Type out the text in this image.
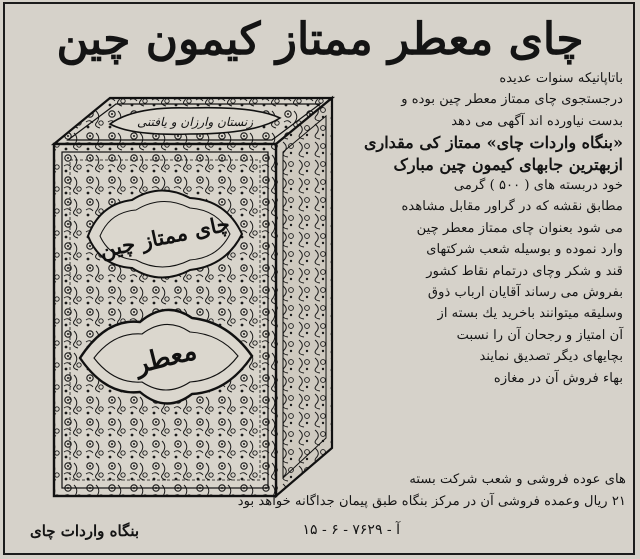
چای معطر ممتاز کیمون چین
زنستان وارزان و یافتنی
چای ممتاز چین
معطر

باتاپانیکه سنوات عدیده

درجستجوی چای ممتاز معطر چین بوده و

بدست نیاورده اند آگهی می دهد

«بنگاه واردات چای» ممتاز کی مقداری

ازبهترین جابهای کیمون چین مبارک

خود دربسته های ( ۵۰۰ ) گرمی

مطابق نقشه که در گراور مقابل مشاهده

می شود بعنوان چای ممتاز معطر چین

وارد نموده و بوسیله شعب شرکتهای

قند و شکر وچای درتمام نقاط کشور

بفروش می رساند آقایان ارباب ذوق

وسلیقه میتوانند باخرید یك بسته از

آن امتیاز و رجحان آن را نسبت

بچایهای دیگر تصدیق نمایند

بهاء فروش آن در مغازه

های عوده فروشی و شعب شرکت بسته
۲۱ ریال وعمده فروشی آن در مرکز بنگاه طبق پیمان جداگانه خواهد بود
آ - ۷۶۲۹ - ۶ - ۱۵
بنگاه واردات چای
